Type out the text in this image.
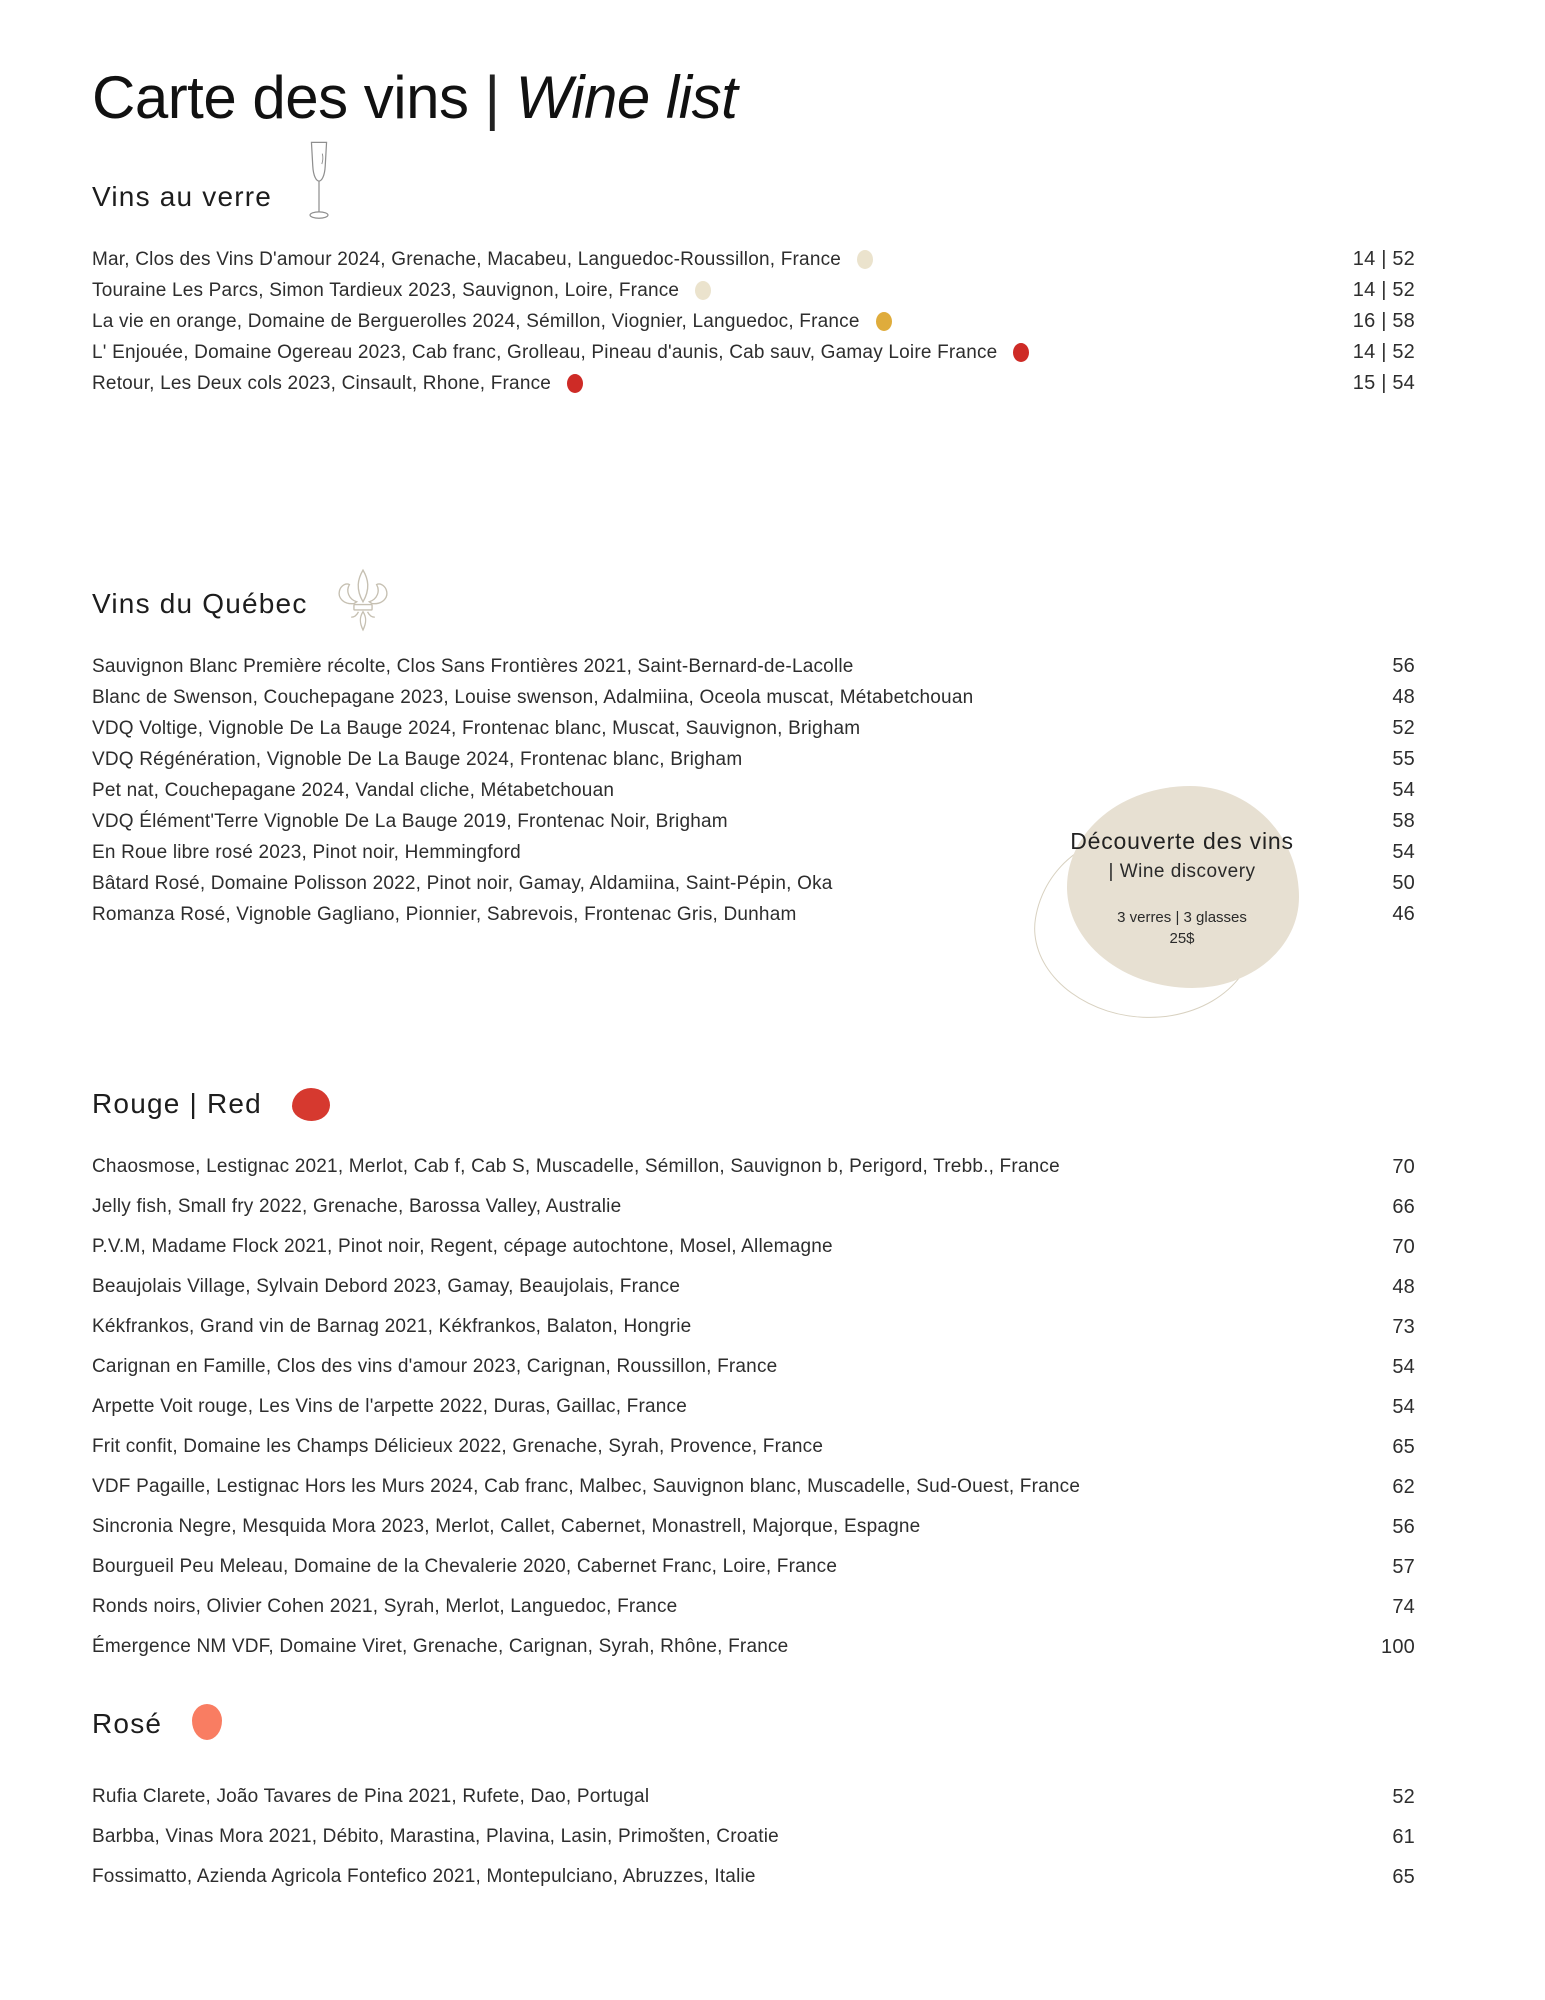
Carte des vins | Wine list
Vins au verre
Mar, Clos des Vins D'amour 2024, Grenache, Macabeu, Languedoc-Roussillon, France	14 | 52
Touraine Les Parcs, Simon Tardieux 2023, Sauvignon, Loire, France	14 | 52
La vie en orange, Domaine de Berguerolles 2024, Sémillon, Viognier, Languedoc, France	16 | 58
L' Enjouée, Domaine Ogereau 2023, Cab franc, Grolleau, Pineau d'aunis, Cab sauv, Gamay Loire France	14 | 52
Retour, Les Deux cols 2023, Cinsault, Rhone, France	15 | 54
Vins du Québec
Sauvignon Blanc Première récolte, Clos Sans Frontières 2021, Saint-Bernard-de-Lacolle	56
Blanc de Swenson, Couchepagane 2023, Louise swenson, Adalmiina, Oceola muscat, Métabetchouan	48
VDQ Voltige, Vignoble De La Bauge 2024, Frontenac blanc, Muscat, Sauvignon, Brigham	52
VDQ Régénération, Vignoble De La Bauge 2024, Frontenac blanc, Brigham	55
Pet nat, Couchepagane 2024, Vandal cliche, Métabetchouan	54
VDQ Élément'Terre Vignoble De La Bauge 2019, Frontenac Noir, Brigham	58
En Roue libre rosé 2023, Pinot noir, Hemmingford	54
Bâtard Rosé, Domaine Polisson 2022, Pinot noir, Gamay, Aldamiina, Saint-Pépin, Oka	50
Romanza Rosé, Vignoble Gagliano, Pionnier, Sabrevois, Frontenac Gris, Dunham	46
Rouge | Red
Chaosmose, Lestignac 2021, Merlot, Cab f, Cab S, Muscadelle, Sémillon, Sauvignon b, Perigord, Trebb., France	70
Jelly fish, Small fry 2022, Grenache, Barossa Valley, Australie	66
P.V.M, Madame Flock 2021, Pinot noir, Regent, cépage autochtone, Mosel, Allemagne	70
Beaujolais Village, Sylvain Debord 2023, Gamay, Beaujolais, France	48
Kékfrankos, Grand vin de Barnag 2021, Kékfrankos, Balaton, Hongrie	73
Carignan en Famille, Clos des vins d'amour 2023, Carignan, Roussillon, France	54
Arpette Voit rouge, Les Vins de l'arpette 2022, Duras, Gaillac, France	54
Frit confit, Domaine les Champs Délicieux 2022, Grenache, Syrah, Provence, France	65
VDF Pagaille, Lestignac Hors les Murs 2024, Cab franc, Malbec, Sauvignon blanc, Muscadelle, Sud-Ouest, France	62
Sincronia Negre, Mesquida Mora 2023, Merlot, Callet, Cabernet, Monastrell, Majorque, Espagne	56
Bourgueil Peu Meleau, Domaine de la Chevalerie 2020, Cabernet Franc, Loire, France	57
Ronds noirs, Olivier Cohen 2021, Syrah, Merlot, Languedoc, France	74
Émergence NM VDF, Domaine Viret, Grenache, Carignan, Syrah, Rhône, France	100
Rosé
Rufia Clarete, João Tavares de Pina 2021, Rufete, Dao, Portugal	52
Barbba, Vinas Mora 2021, Débito, Marastina, Plavina, Lasin, Primošten, Croatie	61
Fossimatto, Azienda Agricola Fontefico 2021, Montepulciano, Abruzzes, Italie	65
Découverte des vins
| Wine discovery
3 verres | 3 glasses
25$
